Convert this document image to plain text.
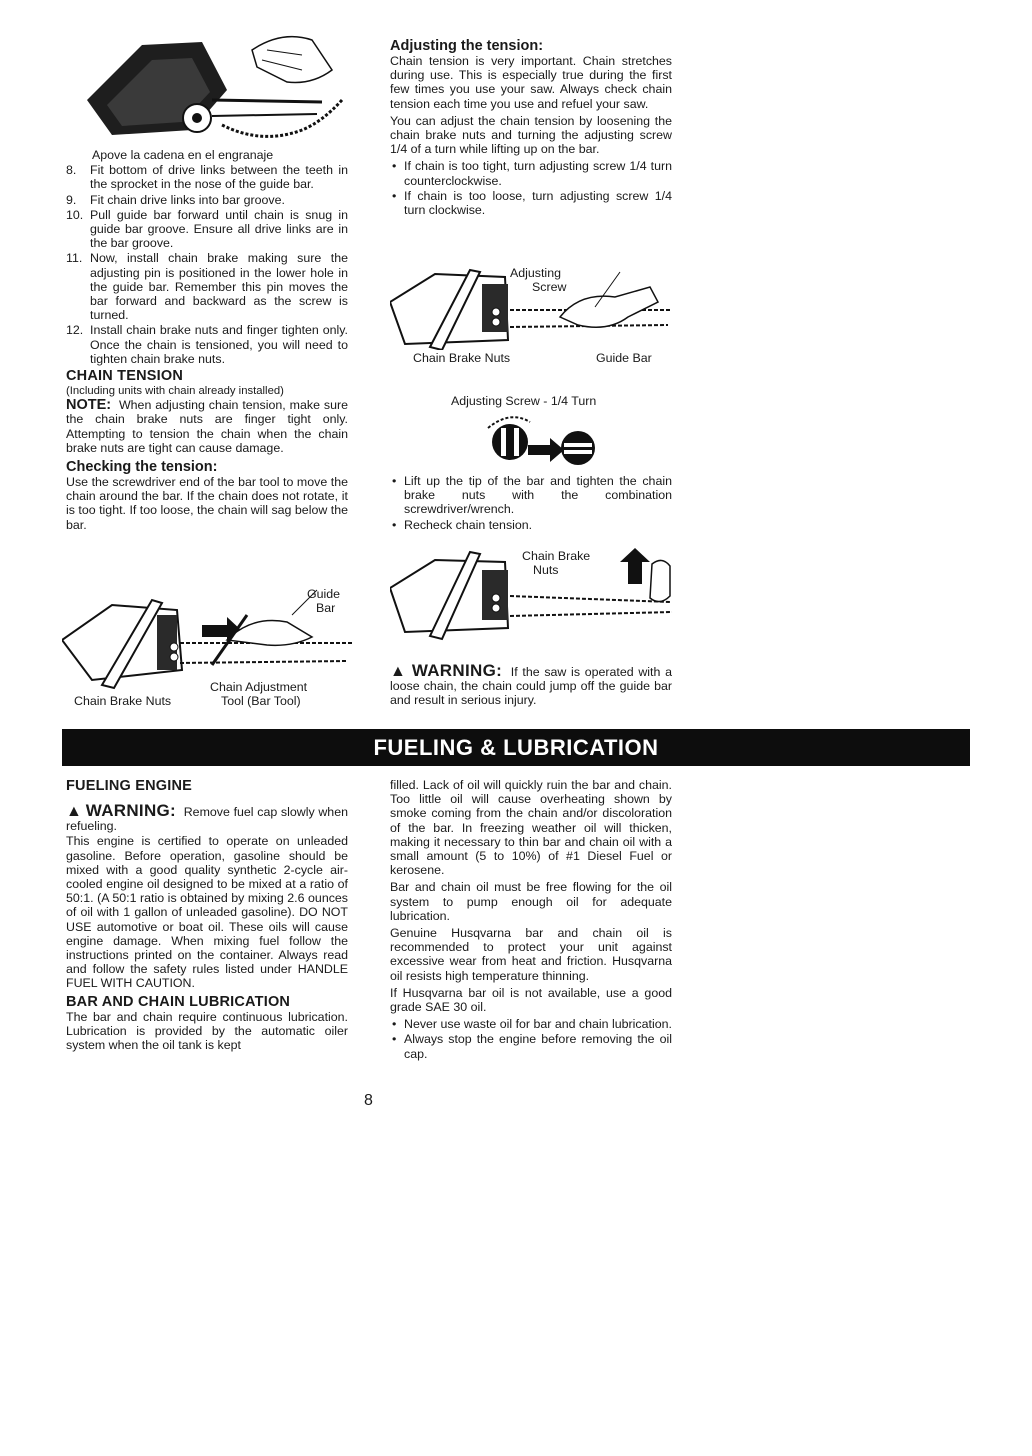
Apove la cadena en el engranaje
8. Fit bottom of drive links between the teeth in the sprocket in the nose of the guide bar.
9. Fit chain drive links into bar groove.
10. Pull guide bar forward until chain is snug in guide bar groove. Ensure all drive links are in the bar groove.
11. Now, install chain brake making sure the adjusting pin is positioned in the lower hole in the guide bar. Remember this pin moves the bar forward and backward as the screw is turned.
12. Install chain brake nuts and finger tighten only. Once the chain is tensioned, you will need to tighten chain brake nuts.
CHAIN TENSION
(Including units with chain already installed)

NOTE: When adjusting chain tension, make sure the chain brake nuts are finger tight only. Attempting to tension the chain when the chain brake nuts are tight can cause damage.

Checking the tension:

Use the screwdriver end of the bar tool to move the chain around the bar. If the chain does not rotate, it is too tight. If too loose, the chain will sag below the bar.

Guide
Bar
Chain Adjustment
Chain Brake Nuts	Tool (Bar Tool)
Adjusting the tension:

Chain tension is very important. Chain stretches during use. This is especially true during the first few times you use your saw. Always check chain tension each time you use and refuel your saw.

You can adjust the chain tension by loosening the chain brake nuts and turning the adjusting screw 1/4 of a turn while lifting up on the bar.

• If chain is too tight, turn adjusting screw 1/4 turn counterclockwise.
• If chain is too loose, turn adjusting screw 1/4 turn clockwise.
Adjusting
Screw
Chain Brake Nuts	Guide Bar
Adjusting Screw - 1/4 Turn
• Lift up the tip of the bar and tighten the chain brake nuts with the combination screwdriver/wrench.
• Recheck chain tension.
Chain Brake
Nuts

▲ WARNING: If the saw is operated with a loose chain, the chain could jump off the guide bar and result in serious injury.

FUELING & LUBRICATION
FUELING ENGINE

▲ WARNING: Remove fuel cap slowly when refueling.

This engine is certified to operate on unleaded gasoline. Before operation, gasoline should be mixed with a good quality synthetic 2-cycle air-cooled engine oil designed to be mixed at a ratio of 50:1. (A 50:1 ratio is obtained by mixing 2.6 ounces of oil with 1 gallon of unleaded gasoline). DO NOT USE automotive or boat oil. These oils will cause engine damage. When mixing fuel follow the instructions printed on the container. Always read and follow the safety rules listed under HANDLE FUEL WITH CAUTION.

BAR AND CHAIN LUBRICATION

The bar and chain require continuous lubrication. Lubrication is provided by the automatic oiler system when the oil tank is kept

filled. Lack of oil will quickly ruin the bar and chain. Too little oil will cause overheating shown by smoke coming from the chain and/or discoloration of the bar. In freezing weather oil will thicken, making it necessary to thin bar and chain oil with a small amount (5 to 10%) of #1 Diesel Fuel or kerosene.

Bar and chain oil must be free flowing for the oil system to pump enough oil for adequate lubrication.

Genuine Husqvarna bar and chain oil is recommended to protect your unit against excessive wear from heat and friction. Husqvarna oil resists high temperature thinning.

If Husqvarna bar oil is not available, use a good grade SAE 30 oil.

• Never use waste oil for bar and chain lubrication.
• Always stop the engine before removing the oil cap.
8
